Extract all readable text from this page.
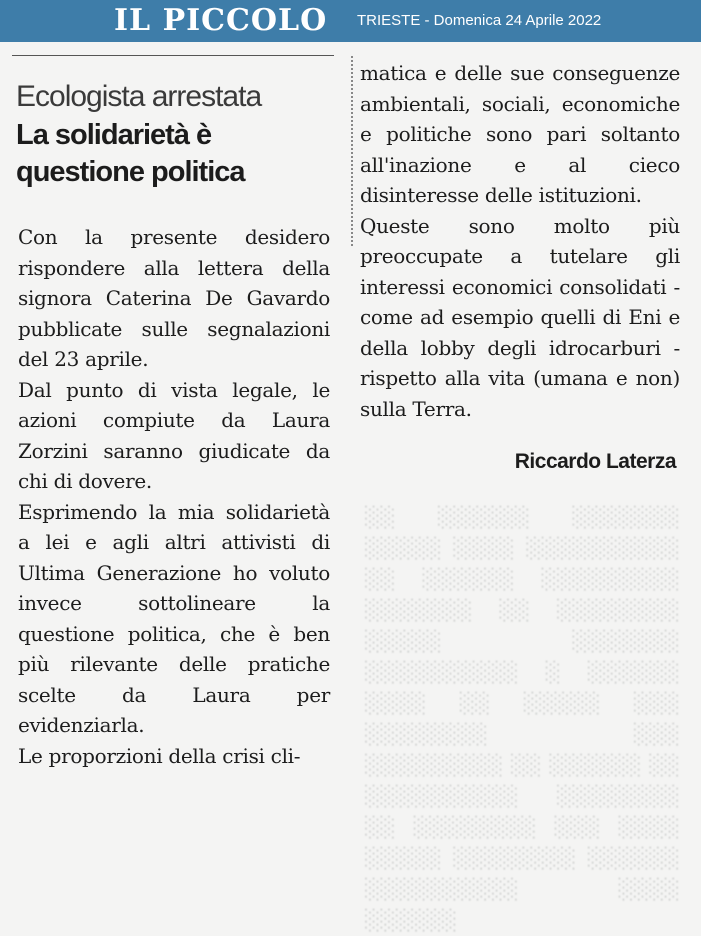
IL PICCOLO TRIESTE - Domenica 24 Aprile 2022
Ecologista arrestata
La solidarietà è questione politica

Con la presente desidero rispondere alla lettera della signora Caterina De Gavardo pubblicate sulle segnalazioni del 23 aprile.

Dal punto di vista legale, le azioni compiute da Laura Zorzini saranno giudicate da chi di dovere.

Esprimendo la mia solidarietà a lei e agli altri attivisti di Ultima Generazione ho voluto invece sottolineare la questione politica, che è ben più rilevante delle pratiche scelte da Laura per evidenziarla.

Le proporzioni della crisi cli-

matica e delle sue conseguenze ambientali, sociali, economiche e politiche sono pari soltanto all'inazione e al cieco disinteresse delle istituzioni.

Queste sono molto più preoccupate a tutelare gli interessi economici consolidati - come ad esempio quelli di Eni e della lobby degli idrocarburi - rispetto alla vita (umana e non) sulla Terra.

Riccardo Laterza
░░ ░░░░░░ ░░░░░░░ ░░░░░ ░░░░ ░░░░░░░░░░ ░░ ░░░░░░ ░░░░░░░░░ ░░░░░░░ ░░ ░░░░░░░░ ░░░░░ ░░░░░░░ ░░░░░░░░░░ ░ ░░░░░░ ░░░░ ░░ ░░░░░ ░░░ ░░░░░░░░ ░░░ ░░░░░░░░░ ░░ ░░░░░░ ░░ ░░░░░░░░░░ ░░░░░░░░ ░░ ░░░░░░░░ ░░░ ░░░░ ░░░░░ ░░░░░░░░ ░░░░░░ ░░░░░░░░░░ ░░░░ ░░░░░░
